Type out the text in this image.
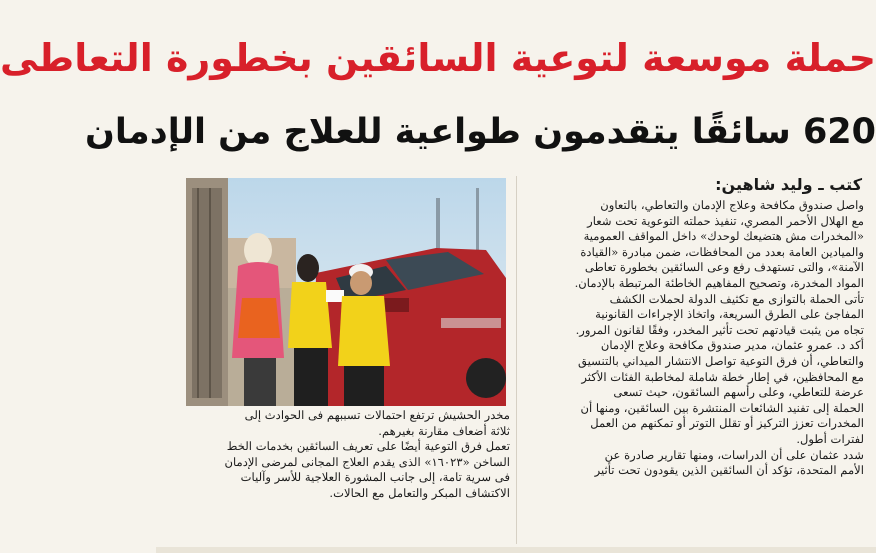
حملة موسعة لتوعية السائقين بخطورة التعاطى
620 سائقًا يتقدمون طواعية للعلاج من الإدمان
كتب ـ وليد شاهين:
واصل صندوق مكافحة وعلاج الإدمان والتعاطي، بالتعاون
مع الهلال الأحمر المصري، تنفيذ حملته التوعوية تحت شعار
«المخدرات مش هتضيعك لوحدك» داخل المواقف العمومية
والميادين العامة بعدد من المحافظات، ضمن مبادرة «القيادة
الآمنة»، والتى تستهدف رفع وعى السائقين بخطورة تعاطى
المواد المخدرة، وتصحيح المفاهيم الخاطئة المرتبطة بالإدمان.
تأتى الحملة بالتوازى مع تكثيف الدولة لحملات الكشف
المفاجئ على الطرق السريعة، واتخاذ الإجراءات القانونية
تجاه من يثبت قيادتهم تحت تأثير المخدر، وفقًا لقانون المرور.
أكد د. عمرو عثمان، مدير صندوق مكافحة وعلاج الإدمان
والتعاطي، أن فرق التوعية تواصل الانتشار الميداني بالتنسيق
مع المحافظين، في إطار خطة شاملة لمخاطبة الفئات الأكثر
عرضة للتعاطي، وعلى رأسهم السائقون، حيث تسعى
الحملة إلى تفنيد الشائعات المنتشرة بين السائقين، ومنها أن
المخدرات تعزز التركيز أو تقلل التوتر أو تمكنهم من العمل
لفترات أطول.
شدد عثمان على أن الدراسات، ومنها تقارير صادرة عن
الأمم المتحدة، تؤكد أن السائقين الذين يقودون تحت تأثير
مخدر الحشيش ترتفع احتمالات تسببهم فى الحوادث إلى
ثلاثة أضعاف مقارنة بغيرهم.
تعمل فرق التوعية أيضًا على تعريف السائقين بخدمات الخط
الساخن «١٦٠٢٣» الذى يقدم العلاج المجانى لمرضى الإدمان
فى سرية تامة، إلى جانب المشورة العلاجية للأسر وآليات
الاكتشاف المبكر والتعامل مع الحالات.
